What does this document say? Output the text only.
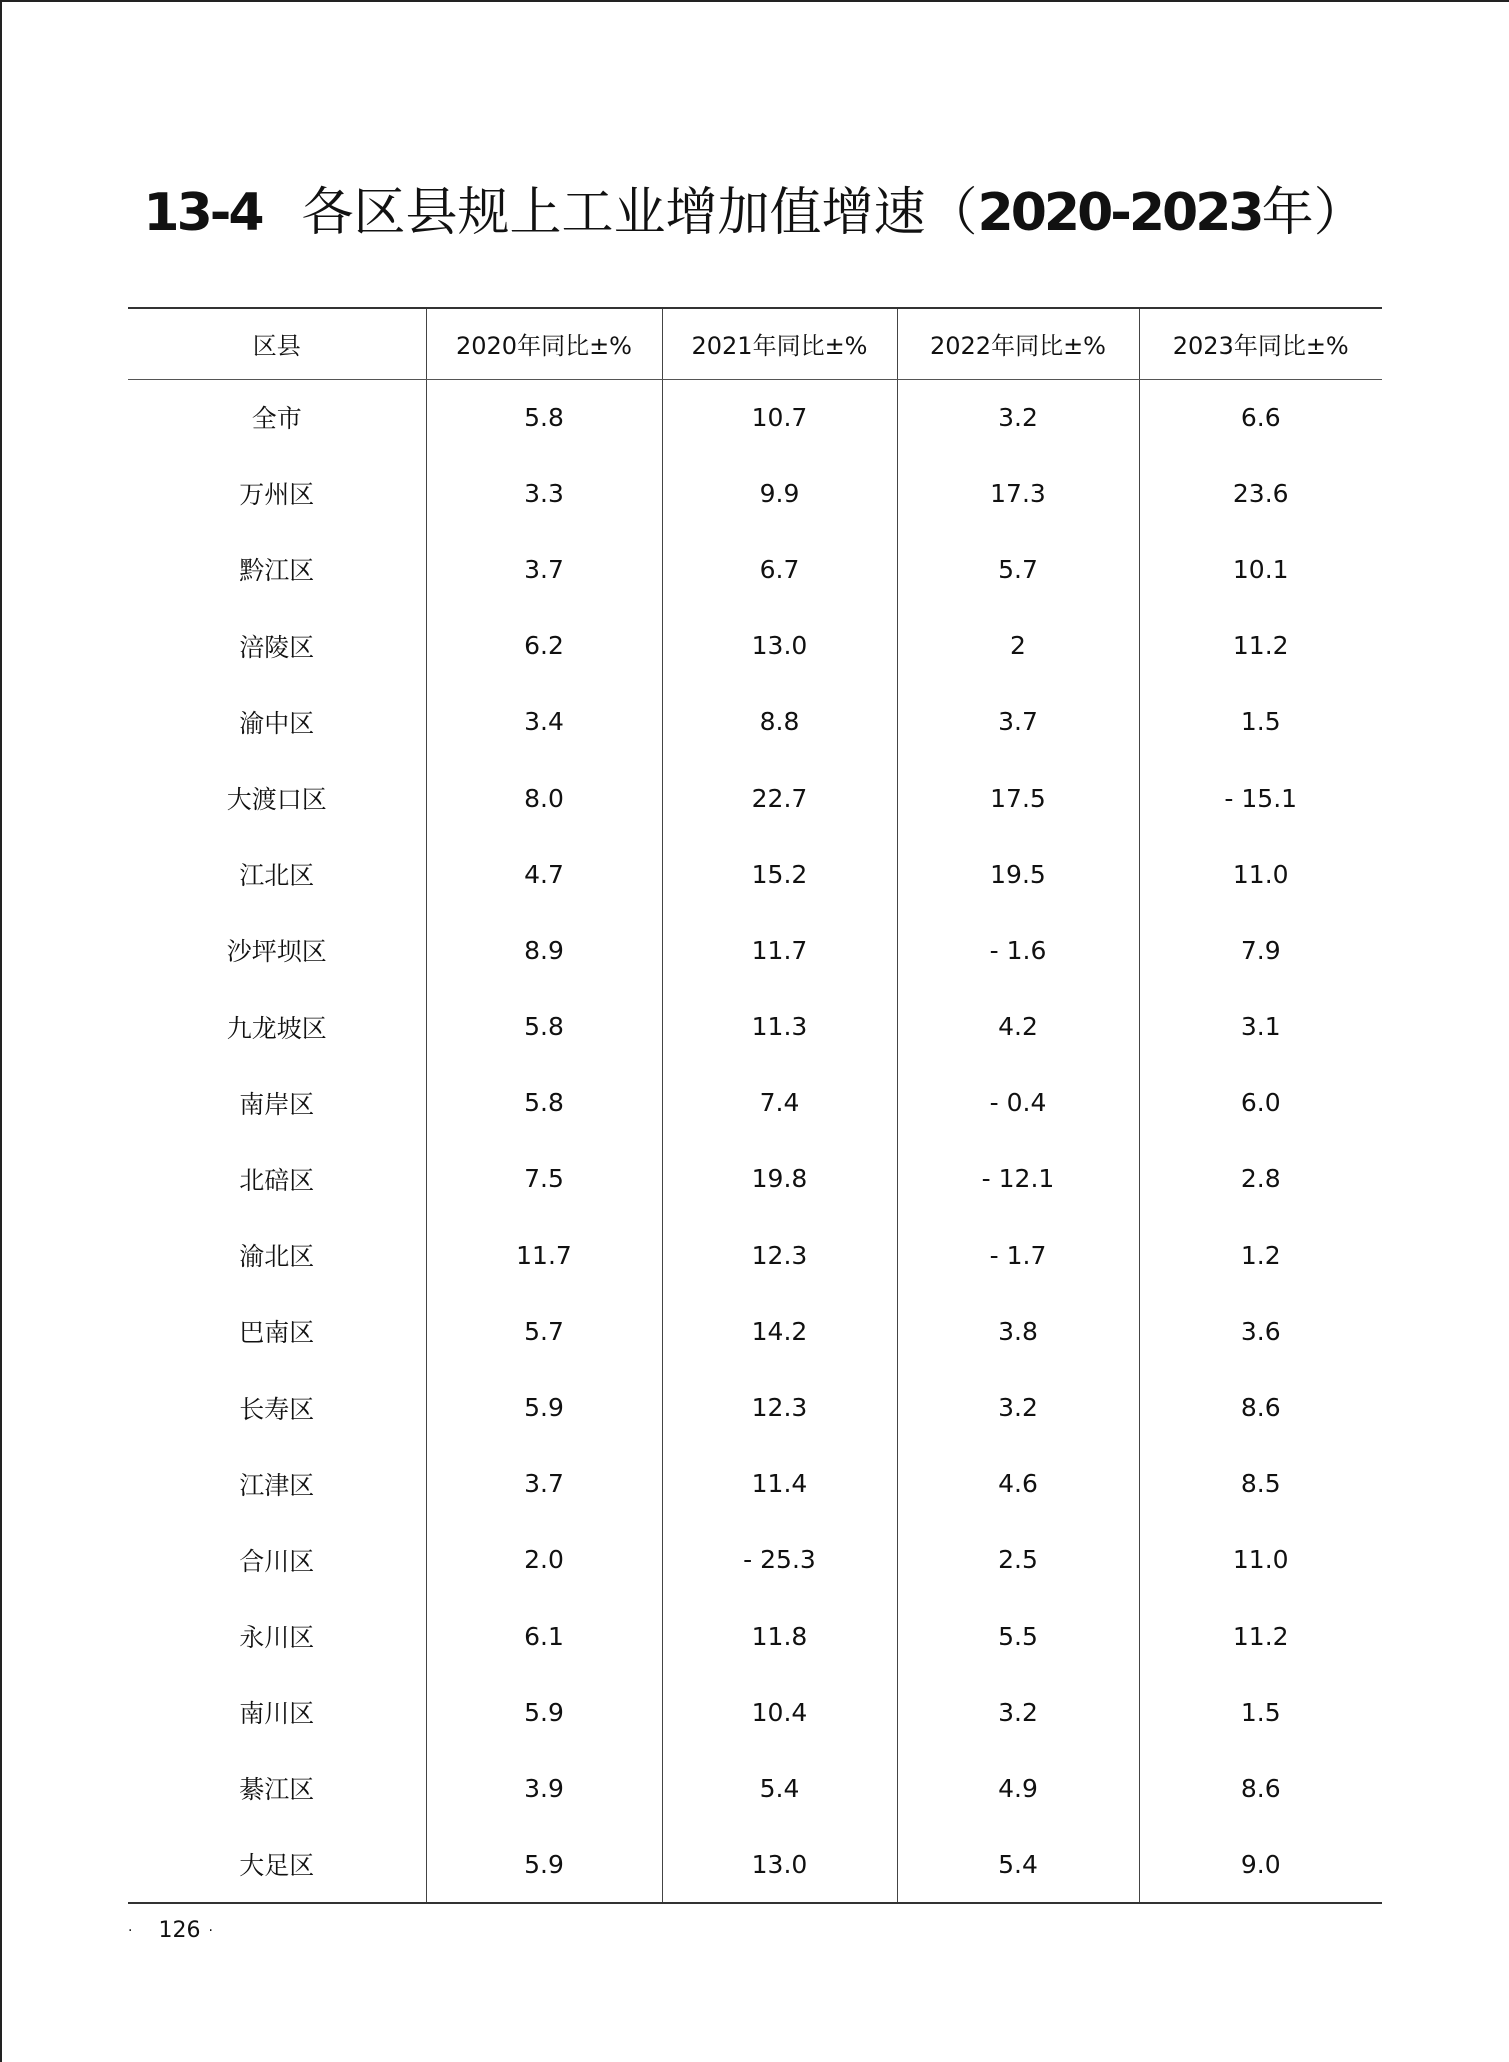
13-4 各区县规上工业增加值增速（2020-2023年）
区县	2020年同比±%	2021年同比±%	2022年同比±%	2023年同比±%
全市	5.8	10.7	3.2	6.6
万州区	3.3	9.9	17.3	23.6
黔江区	3.7	6.7	5.7	10.1
涪陵区	6.2	13.0	2	11.2
渝中区	3.4	8.8	3.7	1.5
大渡口区	8.0	22.7	17.5	- 15.1
江北区	4.7	15.2	19.5	11.0
沙坪坝区	8.9	11.7	- 1.6	7.9
九龙坡区	5.8	11.3	4.2	3.1
南岸区	5.8	7.4	- 0.4	6.0
北碚区	7.5	19.8	- 12.1	2.8
渝北区	11.7	12.3	- 1.7	1.2
巴南区	5.7	14.2	3.8	3.6
长寿区	5.9	12.3	3.2	8.6
江津区	3.7	11.4	4.6	8.5
合川区	2.0	- 25.3	2.5	11.0
永川区	6.1	11.8	5.5	11.2
南川区	5.9	10.4	3.2	1.5
綦江区	3.9	5.4	4.9	8.6
大足区	5.9	13.0	5.4	9.0
· 126 ·
